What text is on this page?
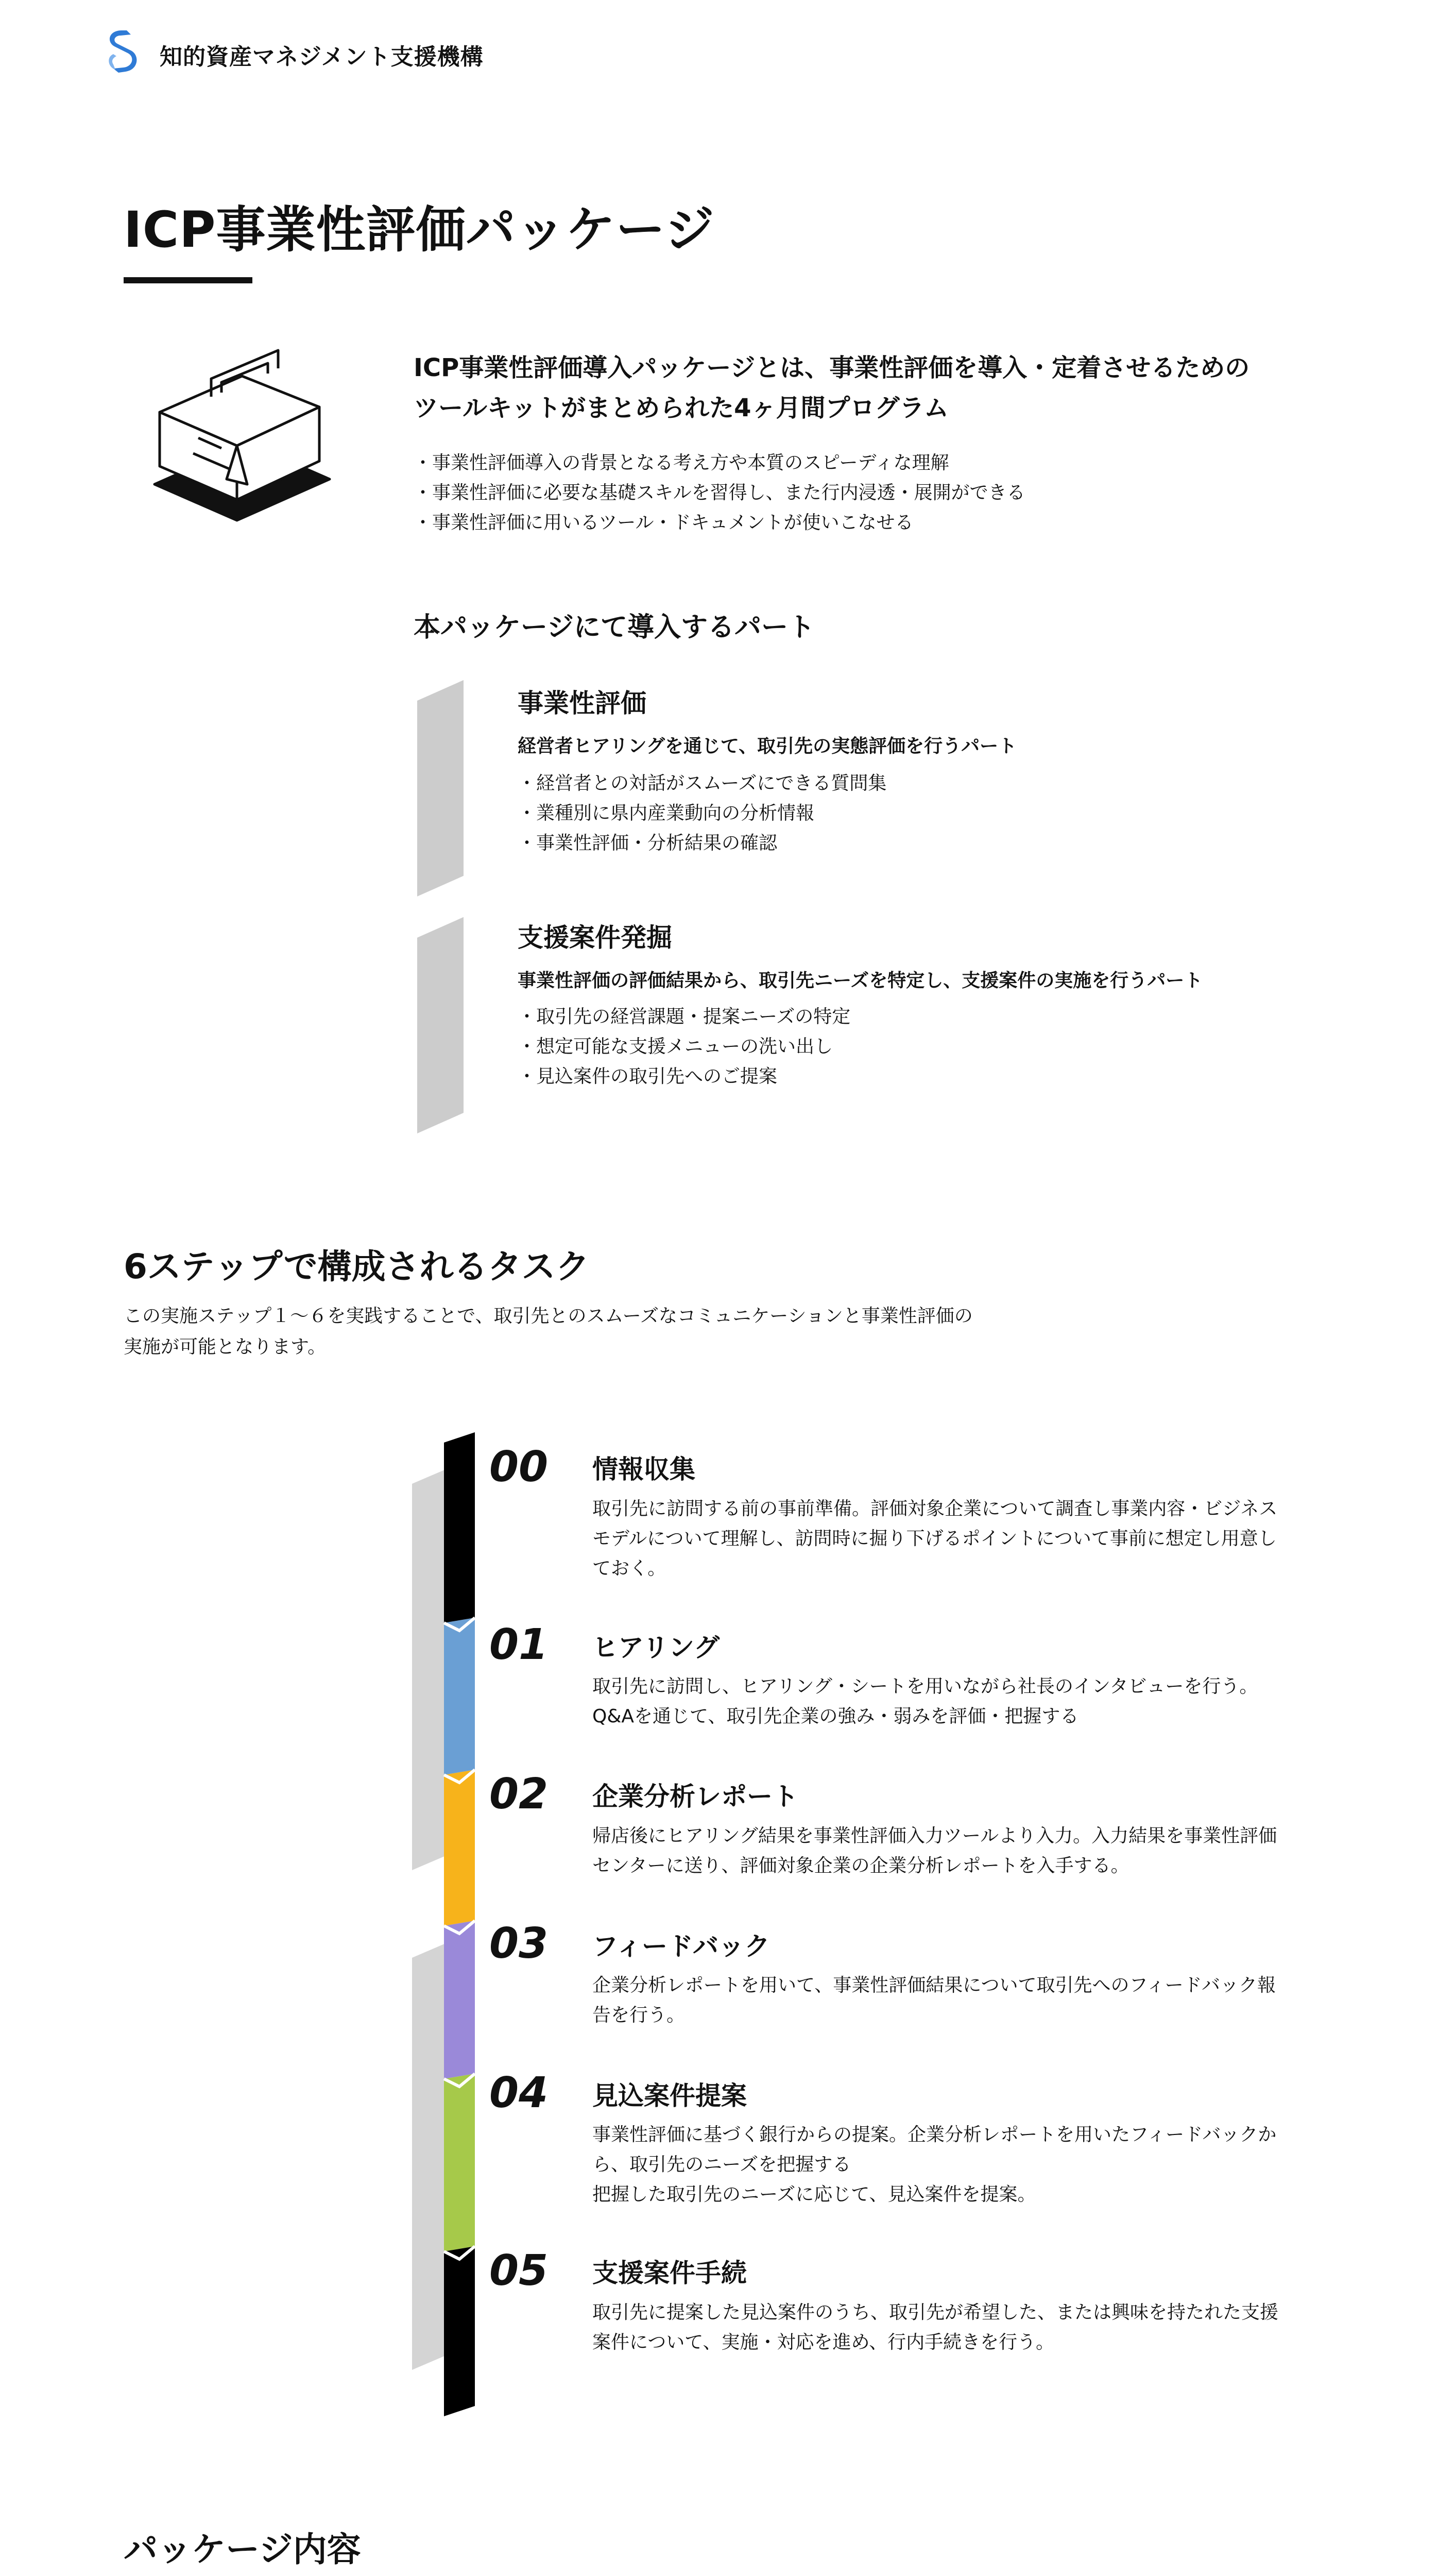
知的資産マネジメント支援機構
ICP事業性評価パッケージ
ICP事業性評価導入パッケージとは、事業性評価を導入・定着させるための
ツールキットがまとめられた4ヶ月間プログラム
・事業性評価導入の背景となる考え方や本質のスピーディな理解
・事業性評価に必要な基礎スキルを習得し、また行内浸透・展開ができる
・事業性評価に用いるツール・ドキュメントが使いこなせる
本パッケージにて導入するパート
事業性評価
経営者ヒアリングを通じて、取引先の実態評価を行うパート
・経営者との対話がスムーズにできる質問集
・業種別に県内産業動向の分析情報
・事業性評価・分析結果の確認
支援案件発掘
事業性評価の評価結果から、取引先ニーズを特定し、支援案件の実施を行うパート
・取引先の経営課題・提案ニーズの特定
・想定可能な支援メニューの洗い出し
・見込案件の取引先へのご提案
6ステップで構成されるタスク
この実施ステップ１〜６を実践することで、取引先とのスムーズなコミュニケーションと事業性評価の
実施が可能となります。
00 情報収集
取引先に訪問する前の事前準備。評価対象企業について調査し事業内容・ビジネス
モデルについて理解し、訪問時に掘り下げるポイントについて事前に想定し用意し
ておく。
01 ヒアリング
取引先に訪問し、ヒアリング・シートを用いながら社長のインタビューを行う。
Q&Aを通じて、取引先企業の強み・弱みを評価・把握する
02 企業分析レポート
帰店後にヒアリング結果を事業性評価入力ツールより入力。入力結果を事業性評価
センターに送り、評価対象企業の企業分析レポートを入手する。
03 フィードバック
企業分析レポートを用いて、事業性評価結果について取引先へのフィードバック報
告を行う。
04 見込案件提案
事業性評価に基づく銀行からの提案。企業分析レポートを用いたフィードバックか
ら、取引先のニーズを把握する
把握した取引先のニーズに応じて、見込案件を提案。
05 支援案件手続
取引先に提案した見込案件のうち、取引先が希望した、または興味を持たれた支援
案件について、実施・対応を進め、行内手続きを行う。
パッケージ内容
